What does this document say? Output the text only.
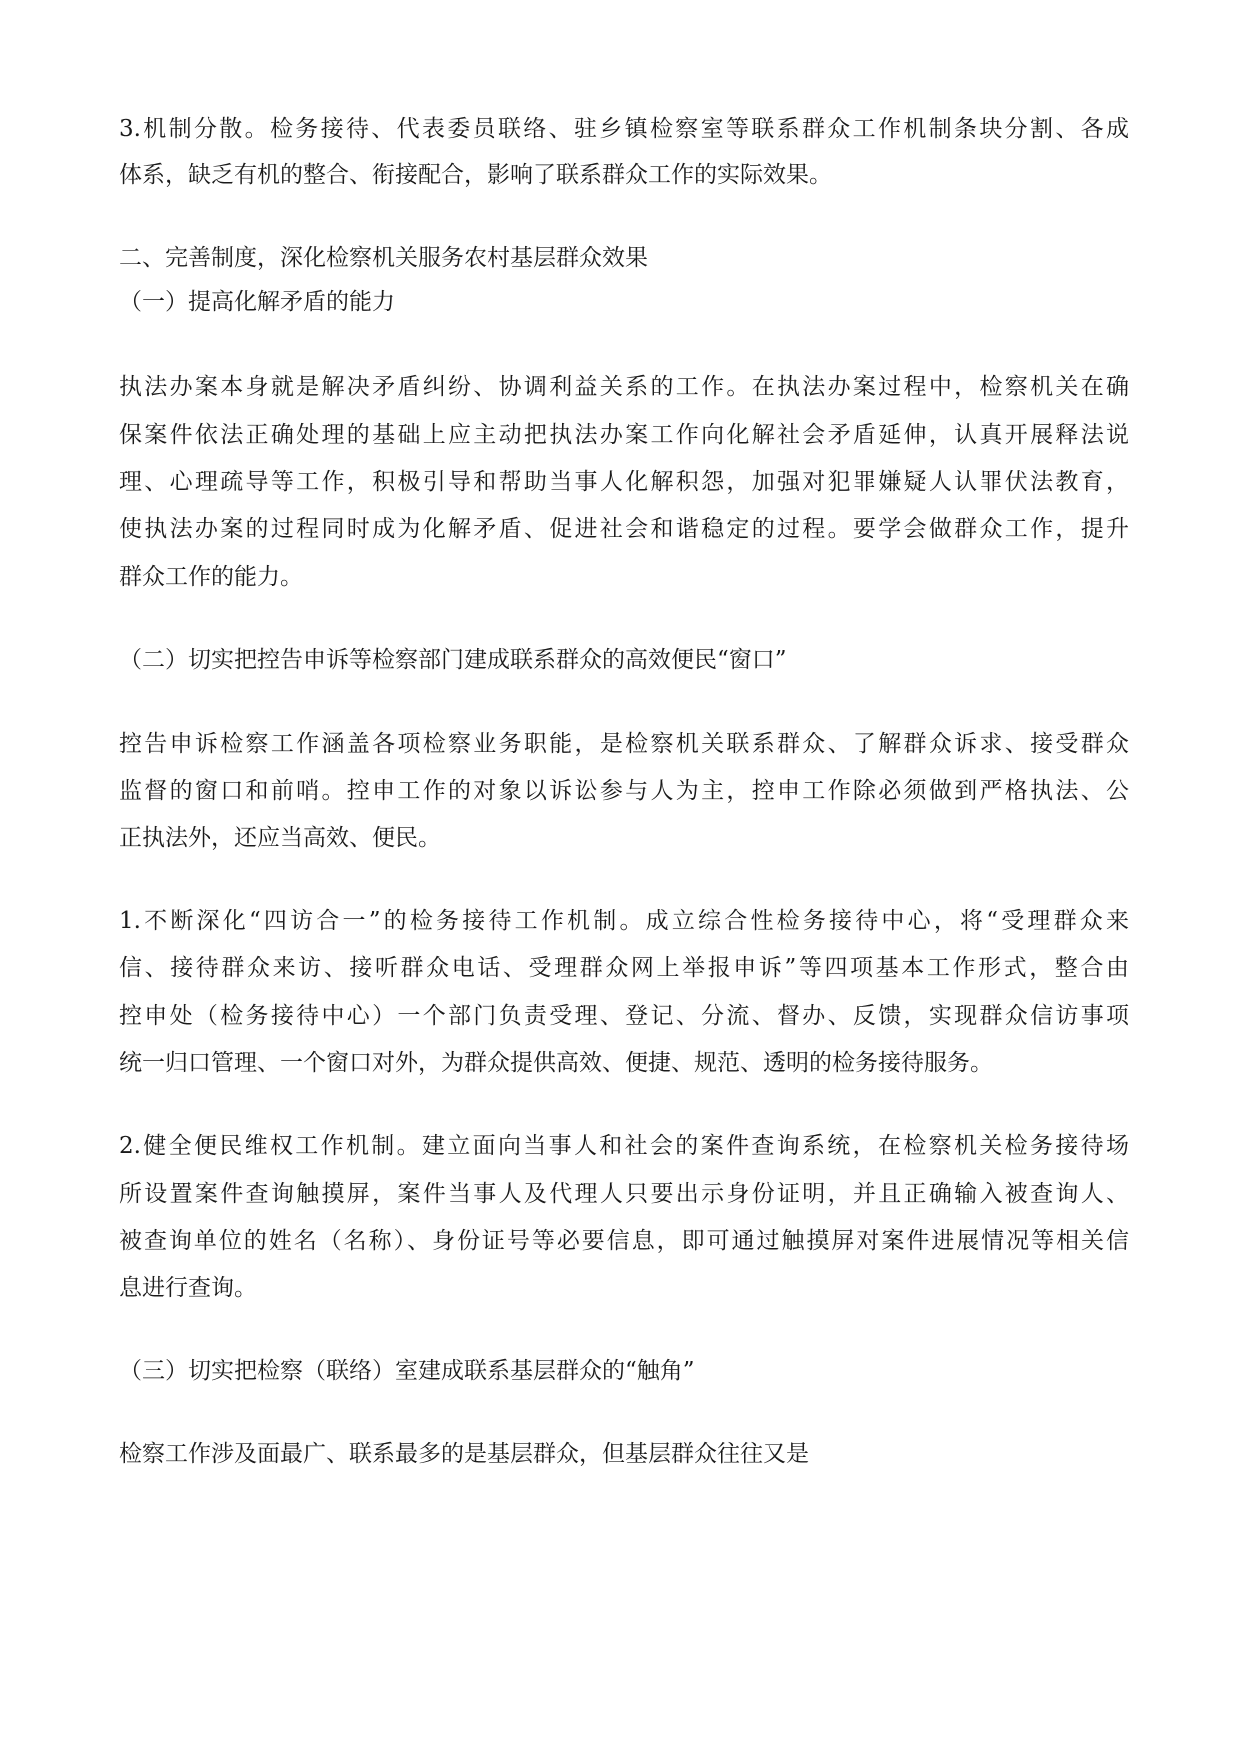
3.机制分散。检务接待、代表委员联络、驻乡镇检察室等联系群众工作机制条块分割、各成

体系，缺乏有机的整合、衔接配合，影响了联系群众工作的实际效果。

二、完善制度，深化检察机关服务农村基层群众效果

（一）提高化解矛盾的能力

执法办案本身就是解决矛盾纠纷、协调利益关系的工作。在执法办案过程中，检察机关在确

保案件依法正确处理的基础上应主动把执法办案工作向化解社会矛盾延伸，认真开展释法说

理、心理疏导等工作，积极引导和帮助当事人化解积怨，加强对犯罪嫌疑人认罪伏法教育，

使执法办案的过程同时成为化解矛盾、促进社会和谐稳定的过程。要学会做群众工作，提升

群众工作的能力。

（二）切实把控告申诉等检察部门建成联系群众的高效便民“窗口”

控告申诉检察工作涵盖各项检察业务职能，是检察机关联系群众、了解群众诉求、接受群众

监督的窗口和前哨。控申工作的对象以诉讼参与人为主，控申工作除必须做到严格执法、公

正执法外，还应当高效、便民。

1.不断深化“四访合一”的检务接待工作机制。成立综合性检务接待中心，将“受理群众来

信、接待群众来访、接听群众电话、受理群众网上举报申诉”等四项基本工作形式，整合由

控申处（检务接待中心）一个部门负责受理、登记、分流、督办、反馈，实现群众信访事项

统一归口管理、一个窗口对外，为群众提供高效、便捷、规范、透明的检务接待服务。

2.健全便民维权工作机制。建立面向当事人和社会的案件查询系统，在检察机关检务接待场

所设置案件查询触摸屏，案件当事人及代理人只要出示身份证明，并且正确输入被查询人、

被查询单位的姓名（名称）、身份证号等必要信息，即可通过触摸屏对案件进展情况等相关信

息进行查询。

（三）切实把检察（联络）室建成联系基层群众的“触角”

检察工作涉及面最广、联系最多的是基层群众，但基层群众往往又是
